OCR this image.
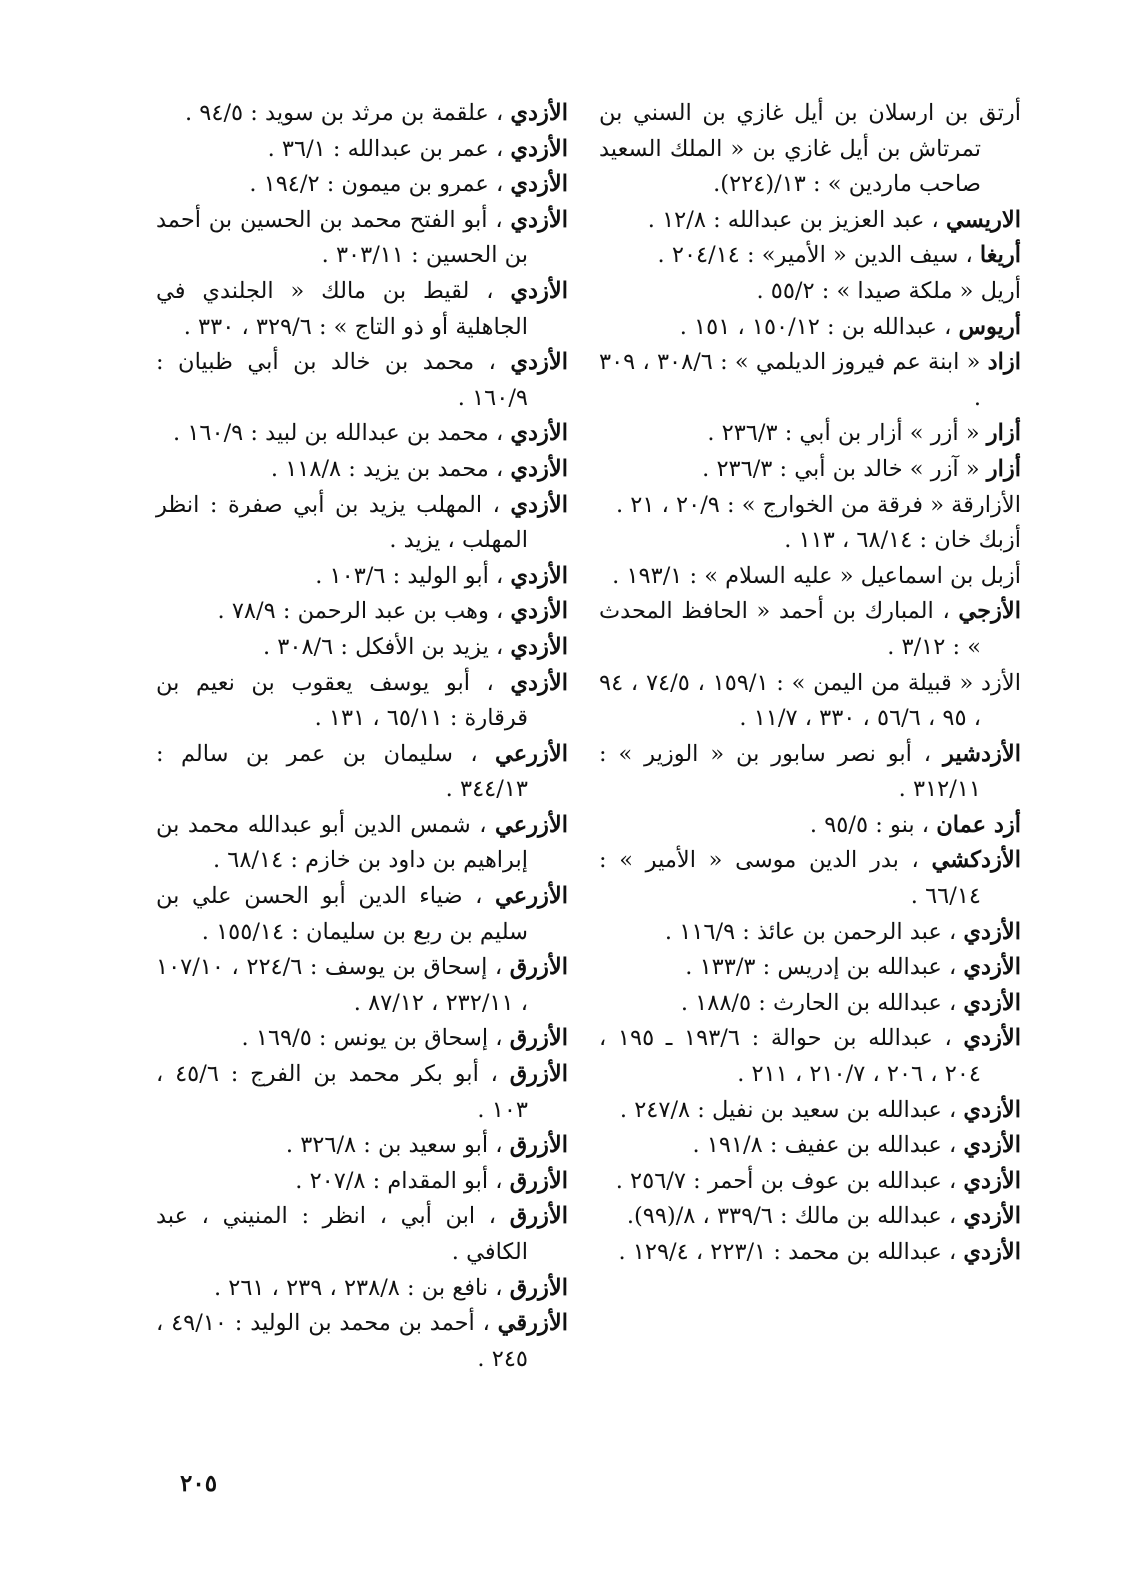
أرتق بن ارسلان بن أيل غازي بن السني بن تمرتاش بن أيل غازي بن « الملك السعيد صاحب ماردين » : ١٣/(٢٢٤).
الاريسي ، عبد العزيز بن عبدالله : ١٢/٨ .
أريغا ، سيف الدين « الأمير» : ٢٠٤/١٤ .
أريل « ملكة صيدا » : ٥٥/٢ .
أريوس ، عبدالله بن : ١٥٠/١٢ ، ١٥١ .
ازاد « ابنة عم فيروز الديلمي » : ٣٠٨/٦ ، ٣٠٩ .
أزار « أزر » أزار بن أبي : ٢٣٦/٣ .
أزار « آزر » خالد بن أبي : ٢٣٦/٣ .
الأزارقة « فرقة من الخوارج » : ٢٠/٩ ، ٢١ .
أزبك خان : ٦٨/١٤ ، ١١٣ .
أزبل بن اسماعيل « عليه السلام » : ١٩٣/١ .
الأزجي ، المبارك بن أحمد « الحافظ المحدث » : ٣/١٢ .
الأزد « قبيلة من اليمن » : ١٥٩/١ ، ٧٤/٥ ، ٩٤ ، ٩٥ ، ٥٦/٦ ، ٣٣٠ ، ١١/٧ .
الأزدشير ، أبو نصر سابور بن « الوزير » : ٣١٢/١١ .
أزد عمان ، بنو : ٩٥/٥ .
الأزدكشي ، بدر الدين موسى « الأمير » : ٦٦/١٤ .
الأزدي ، عبد الرحمن بن عائذ : ١١٦/٩ .
الأزدي ، عبدالله بن إدريس : ١٣٣/٣ .
الأزدي ، عبدالله بن الحارث : ١٨٨/٥ .
الأزدي ، عبدالله بن حوالة : ١٩٣/٦ ـ ١٩٥ ، ٢٠٤ ، ٢٠٦ ، ٢١٠/٧ ، ٢١١ .
الأزدي ، عبدالله بن سعيد بن نفيل : ٢٤٧/٨ .
الأزدي ، عبدالله بن عفيف : ١٩١/٨ .
الأزدي ، عبدالله بن عوف بن أحمر : ٢٥٦/٧ .
الأزدي ، عبدالله بن مالك : ٣٣٩/٦ ، ٨/(٩٩).
الأزدي ، عبدالله بن محمد : ٢٢٣/١ ، ١٢٩/٤ .
الأزدي ، علقمة بن مرثد بن سويد : ٩٤/٥ .
الأزدي ، عمر بن عبدالله : ٣٦/١ .
الأزدي ، عمرو بن ميمون : ١٩٤/٢ .
الأزدي ، أبو الفتح محمد بن الحسين بن أحمد بن الحسين : ٣٠٣/١١ .
الأزدي ، لقيط بن مالك « الجلندي في الجاهلية أو ذو التاج » : ٣٢٩/٦ ، ٣٣٠ .
الأزدي ، محمد بن خالد بن أبي ظبيان : ١٦٠/٩ .
الأزدي ، محمد بن عبدالله بن لبيد : ١٦٠/٩ .
الأزدي ، محمد بن يزيد : ١١٨/٨ .
الأزدي ، المهلب يزيد بن أبي صفرة : انظر المهلب ، يزيد .
الأزدي ، أبو الوليد : ١٠٣/٦ .
الأزدي ، وهب بن عبد الرحمن : ٧٨/٩ .
الأزدي ، يزيد بن الأفكل : ٣٠٨/٦ .
الأزدي ، أبو يوسف يعقوب بن نعيم بن قرقارة : ٦٥/١١ ، ١٣١ .
الأزرعي ، سليمان بن عمر بن سالم : ٣٤٤/١٣ .
الأزرعي ، شمس الدين أبو عبدالله محمد بن إبراهيم بن داود بن خازم : ٦٨/١٤ .
الأزرعي ، ضياء الدين أبو الحسن علي بن سليم بن ربع بن سليمان : ١٥٥/١٤ .
الأزرق ، إسحاق بن يوسف : ٢٢٤/٦ ، ١٠٧/١٠ ، ٢٣٢/١١ ، ٨٧/١٢ .
الأزرق ، إسحاق بن يونس : ١٦٩/٥ .
الأزرق ، أبو بكر محمد بن الفرج : ٤٥/٦ ، ١٠٣ .
الأزرق ، أبو سعيد بن : ٣٢٦/٨ .
الأزرق ، أبو المقدام : ٢٠٧/٨ .
الأزرق ، ابن أبي ، انظر : المنيني ، عبد الكافي .
الأزرق ، نافع بن : ٢٣٨/٨ ، ٢٣٩ ، ٢٦١ .
الأزرقي ، أحمد بن محمد بن الوليد : ٤٩/١٠ ، ٢٤٥ .
٢٠٥
